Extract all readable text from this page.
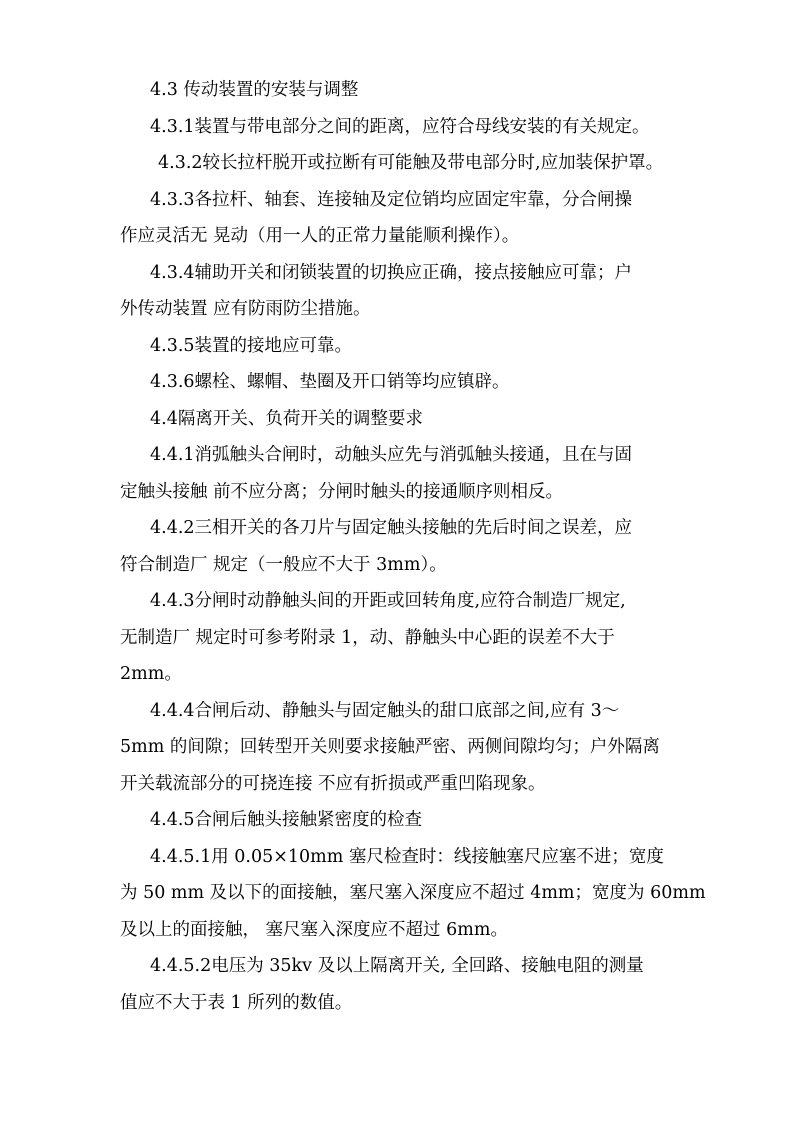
4.3 传动装置的安装与调整

4.3.1装置与带电部分之间的距离，应符合母线安装的有关规定。

4.3.2较长拉杆脱开或拉断有可能触及带电部分时,应加装保护罩。

4.3.3各拉杆、轴套、连接轴及定位销均应固定牢靠，分合闸操
作应灵活无 晃动（用一人的正常力量能顺利操作）。

4.3.4辅助开关和闭锁装置的切换应正确，接点接触应可靠；户
外传动装置 应有防雨防尘措施。

4.3.5装置的接地应可靠。

4.3.6螺栓、螺帽、垫圈及开口销等均应镇辟。

4.4隔离开关、负荷开关的调整要求

4.4.1消弧触头合闸时，动触头应先与消弧触头接通，且在与固
定触头接触 前不应分离；分闸时触头的接通顺序则相反。

4.4.2三相开关的各刀片与固定触头接触的先后时间之误差，应
符合制造厂 规定（一般应不大于 3mm）。

4.4.3分闸时动静触头间的开距或回转角度,应符合制造厂规定,
无制造厂 规定时可参考附录 1，动、静触头中心距的误差不大于
2mm。

4.4.4合闸后动、静触头与固定触头的甜口底部之间,应有 3～
5mm 的间隙；回转型开关则要求接触严密、两侧间隙均匀；户外隔离
开关载流部分的可挠连接 不应有折损或严重凹陷现象。

4.4.5合闸后触头接触紧密度的检查

4.4.5.1用 0.05×10mm 塞尺检查时：线接触塞尺应塞不进；宽度
为 50 mm 及以下的面接触，塞尺塞入深度应不超过 4mm；宽度为 60mm
及以上的面接触， 塞尺塞入深度应不超过 6mm。

4.4.5.2电压为 35kv 及以上隔离开关, 全回路、接触电阻的测量
值应不大于表 1 所列的数值。
